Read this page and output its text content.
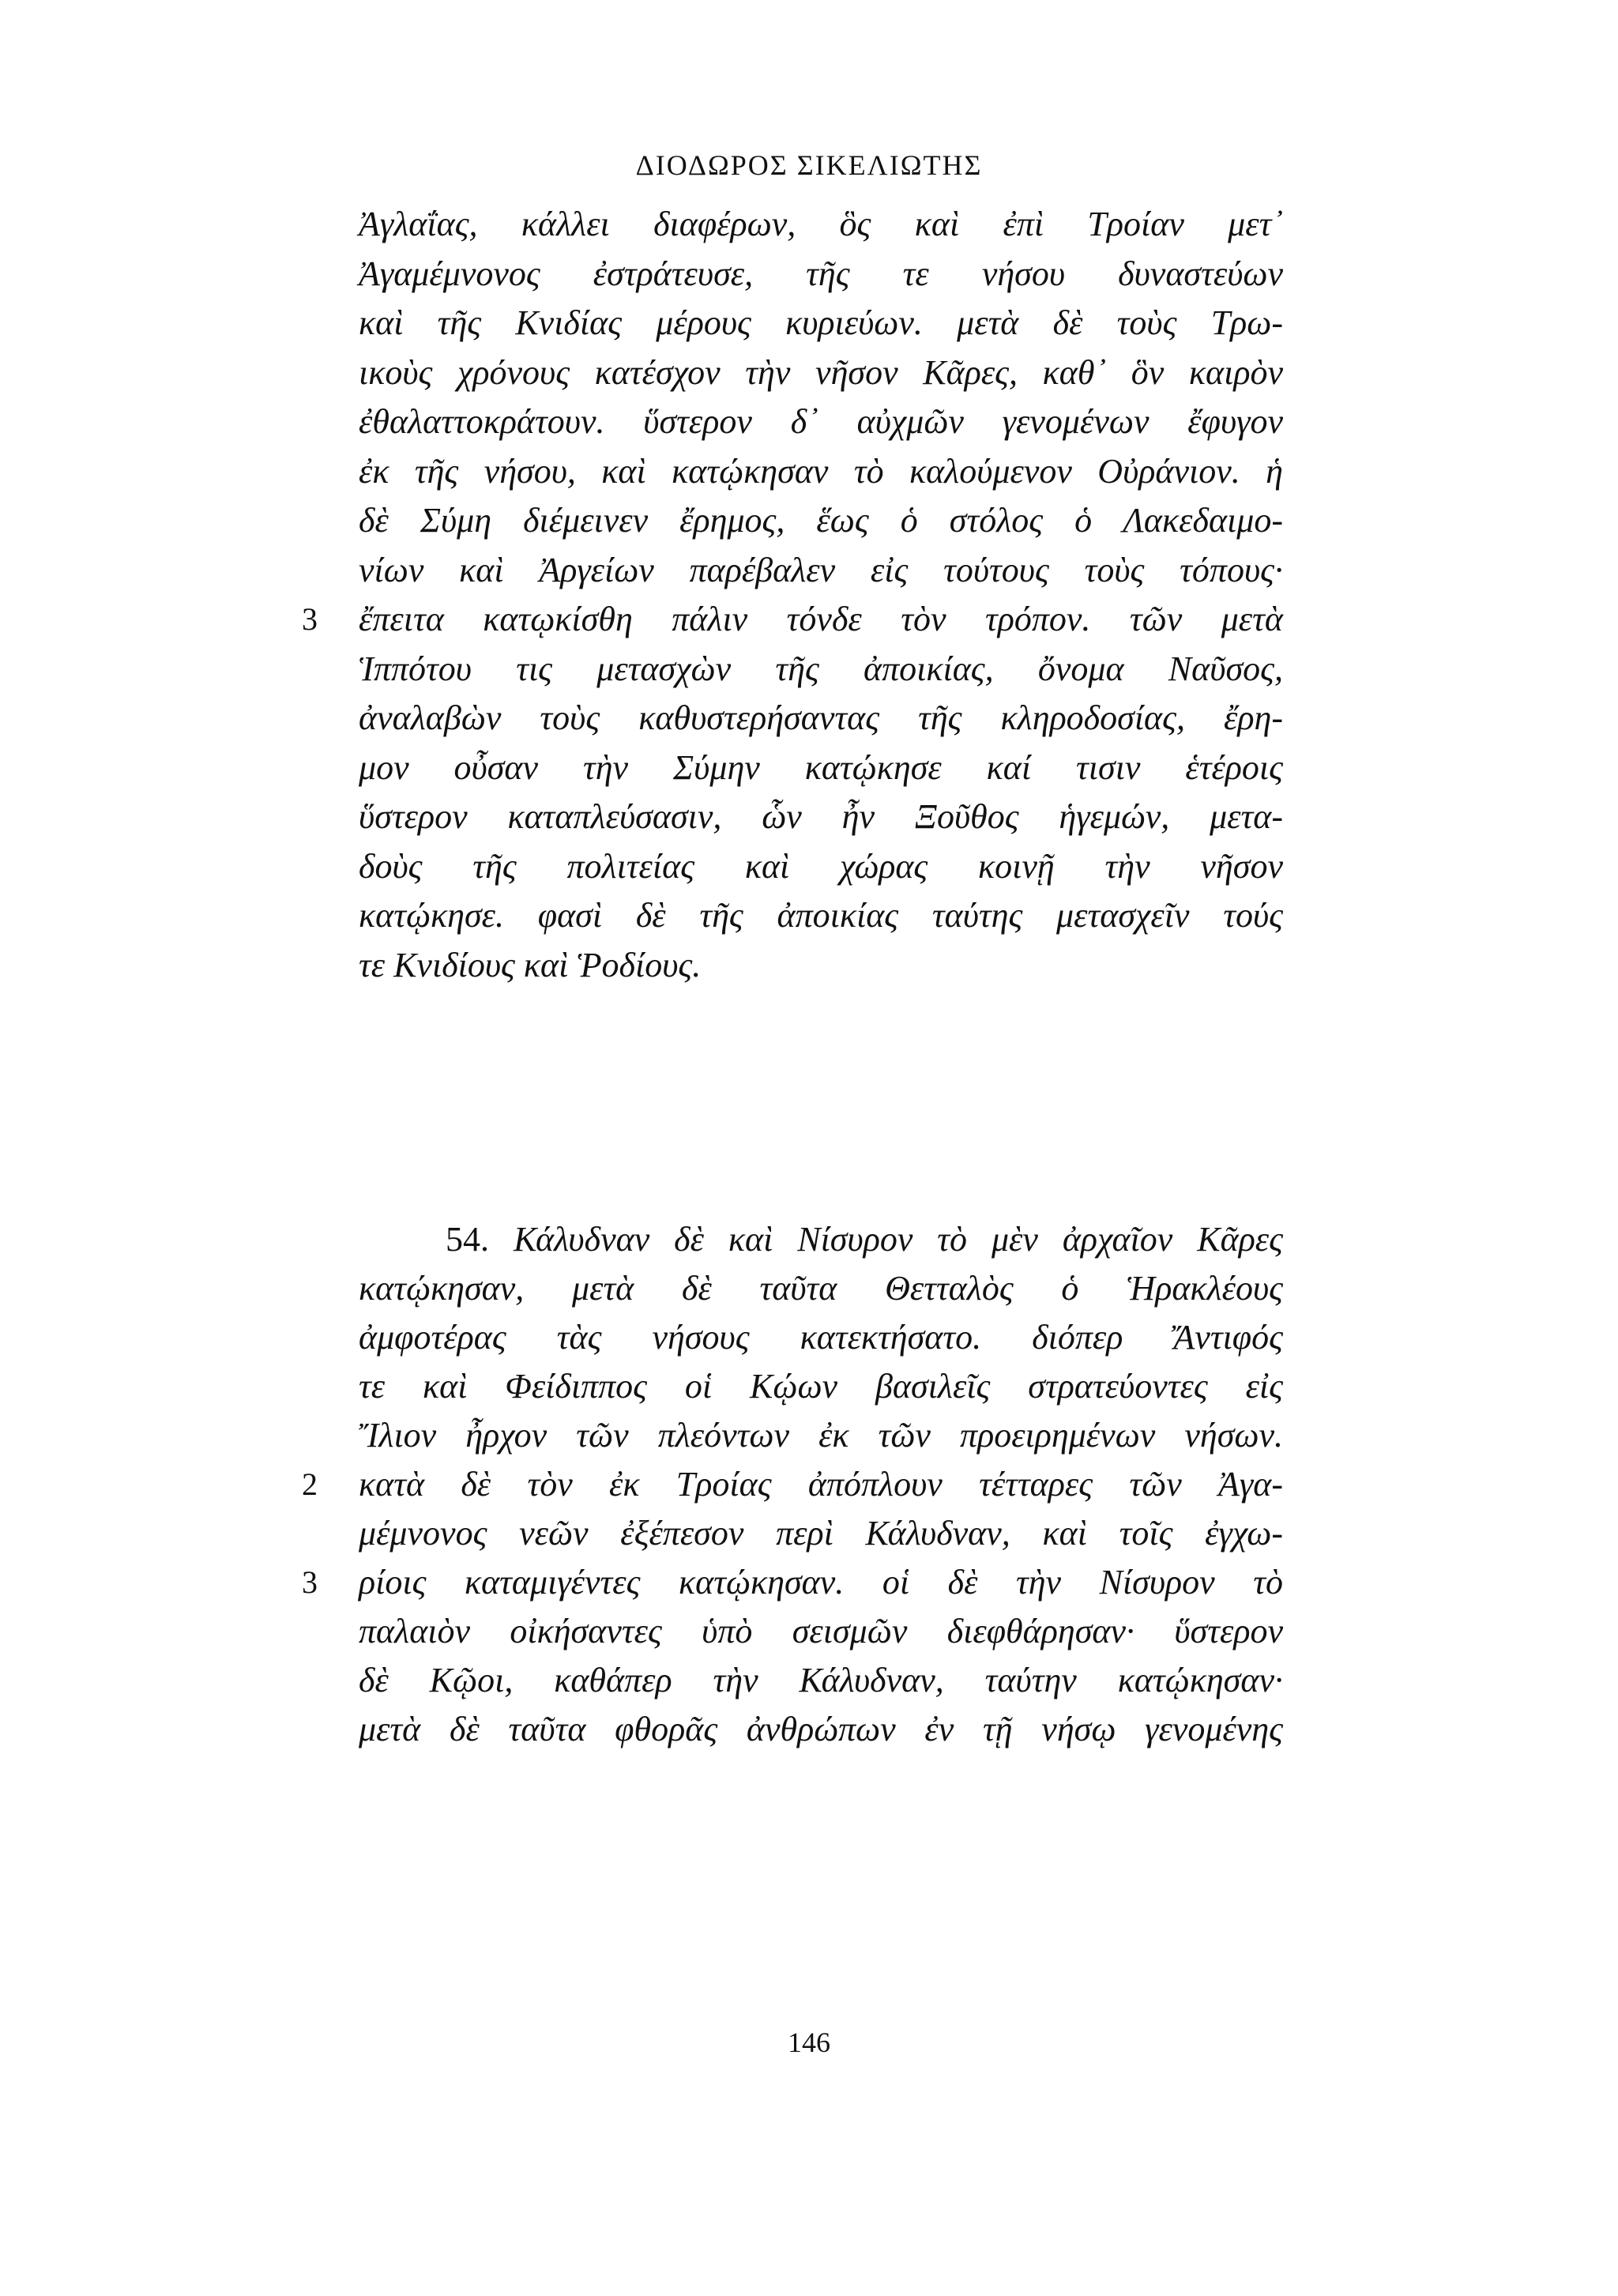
ΔΙΟΔΩΡΟΣ ΣΙΚΕΛΙΩΤΗΣ
Ἀγλαΐας, κάλλει διαφέρων, ὃς καὶ ἐπὶ Τροίαν μετ᾽
Ἀγαμέμνονος ἐστράτευσε, τῆς τε νήσου δυναστεύων
καὶ τῆς Κνιδίας μέρους κυριεύων. μετὰ δὲ τοὺς Τρω-
ικοὺς χρόνους κατέσχον τὴν νῆσον Κᾶρες, καθ᾽ ὃν καιρὸν
ἐθαλαττοκράτουν. ὕστερον δ᾽ αὐχμῶν γενομένων ἔφυγον
ἐκ τῆς νήσου, καὶ κατῴκησαν τὸ καλούμενον Οὐράνιον. ἡ
δὲ Σύμη διέμεινεν ἔρημος, ἕως ὁ στόλος ὁ Λακεδαιμο-
νίων καὶ Ἀργείων παρέβαλεν εἰς τούτους τοὺς τόπους·
3 ἔπειτα κατῳκίσθη πάλιν τόνδε τὸν τρόπον. τῶν μετὰ
Ἱππότου τις μετασχὼν τῆς ἀποικίας, ὄνομα Ναῦσος,
ἀναλαβὼν τοὺς καθυστερήσαντας τῆς κληροδοσίας, ἔρη-
μον οὖσαν τὴν Σύμην κατῴκησε καί τισιν ἑτέροις
ὕστερον καταπλεύσασιν, ὧν ἦν Ξοῦθος ἡγεμών, μετα-
δοὺς τῆς πολιτείας καὶ χώρας κοινῇ τὴν νῆσον
κατῴκησε. φασὶ δὲ τῆς ἀποικίας ταύτης μετασχεῖν τούς
τε Κνιδίους καὶ Ῥοδίους.
54. Κάλυδναν δὲ καὶ Νίσυρον τὸ μὲν ἀρχαῖον Κᾶρες
κατῴκησαν, μετὰ δὲ ταῦτα Θετταλὸς ὁ Ἡρακλέους
ἀμφοτέρας τὰς νήσους κατεκτήσατο. διόπερ Ἄντιφός
τε καὶ Φείδιππος οἱ Κῴων βασιλεῖς στρατεύοντες εἰς
Ἴλιον ἦρχον τῶν πλεόντων ἐκ τῶν προειρημένων νήσων.
2 κατὰ δὲ τὸν ἐκ Τροίας ἀπόπλουν τέτταρες τῶν Ἀγα-
μέμνονος νεῶν ἐξέπεσον περὶ Κάλυδναν, καὶ τοῖς ἐγχω-
3 ρίοις καταμιγέντες κατῴκησαν. οἱ δὲ τὴν Νίσυρον τὸ
παλαιὸν οἰκήσαντες ὑπὸ σεισμῶν διεφθάρησαν· ὕστερον
δὲ Κῷοι, καθάπερ τὴν Κάλυδναν, ταύτην κατῴκησαν·
μετὰ δὲ ταῦτα φθορᾶς ἀνθρώπων ἐν τῇ νήσῳ γενομένης
146
